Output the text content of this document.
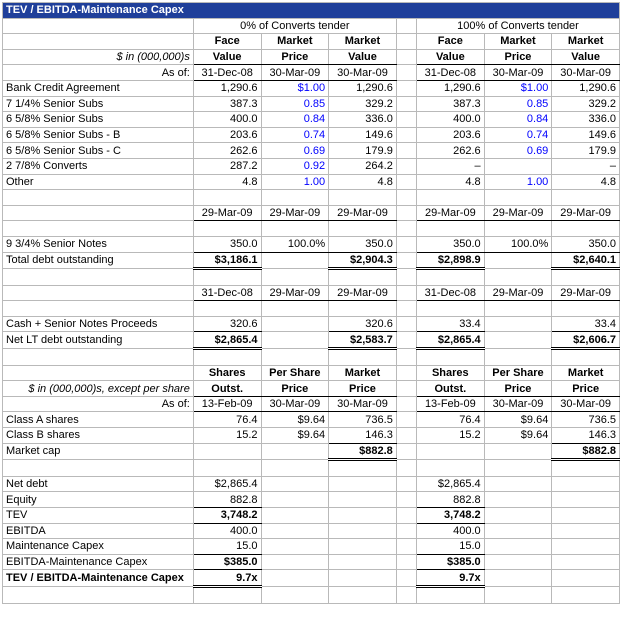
TEV / EBITDA-Maintenance Capex							
	0% of Converts tender				100% of Converts tender		
	Face	Market	Market		Face	Market	Market
$ in (000,000)s	Value	Price	Value		Value	Price	Value
As of:	31-Dec-08	30-Mar-09	30-Mar-09		31-Dec-08	30-Mar-09	30-Mar-09
Bank Credit Agreement	1,290.6	$1.00	1,290.6		1,290.6	$1.00	1,290.6
7 1/4% Senior Subs	387.3	0.85	329.2		387.3	0.85	329.2
6 5/8% Senior Subs	400.0	0.84	336.0		400.0	0.84	336.0
6 5/8% Senior Subs - B	203.6	0.74	149.6		203.6	0.74	149.6
6 5/8% Senior Subs - C	262.6	0.69	179.9		262.6	0.69	179.9
2 7/8% Converts	287.2	0.92	264.2		–		–
Other	4.8	1.00	4.8		4.8	1.00	4.8

	29-Mar-09	29-Mar-09	29-Mar-09		29-Mar-09	29-Mar-09	29-Mar-09

9 3/4% Senior Notes	350.0	100.0%	350.0		350.0	100.0%	350.0
Total debt outstanding	$3,186.1		$2,904.3		$2,898.9		$2,640.1

	31-Dec-08	29-Mar-09	29-Mar-09		31-Dec-08	29-Mar-09	29-Mar-09

Cash + Senior Notes Proceeds	320.6		320.6		33.4		33.4
Net LT debt outstanding	$2,865.4		$2,583.7		$2,865.4		$2,606.7

	Shares	Per Share	Market		Shares	Per Share	Market
$ in (000,000)s, except per share	Outst.	Price	Price		Outst.	Price	Price
As of:	13-Feb-09	30-Mar-09	30-Mar-09		13-Feb-09	30-Mar-09	30-Mar-09
Class A shares	76.4	$9.64	736.5		76.4	$9.64	736.5
Class B shares	15.2	$9.64	146.3		15.2	$9.64	146.3
Market cap			$882.8				$882.8

Net debt	$2,865.4				$2,865.4		
Equity	882.8				882.8		
TEV	3,748.2				3,748.2		
EBITDA	400.0				400.0		
Maintenance Capex	15.0				15.0		
EBITDA-Maintenance Capex	$385.0				$385.0		
TEV / EBITDA-Maintenance Capex	9.7x				9.7x		
